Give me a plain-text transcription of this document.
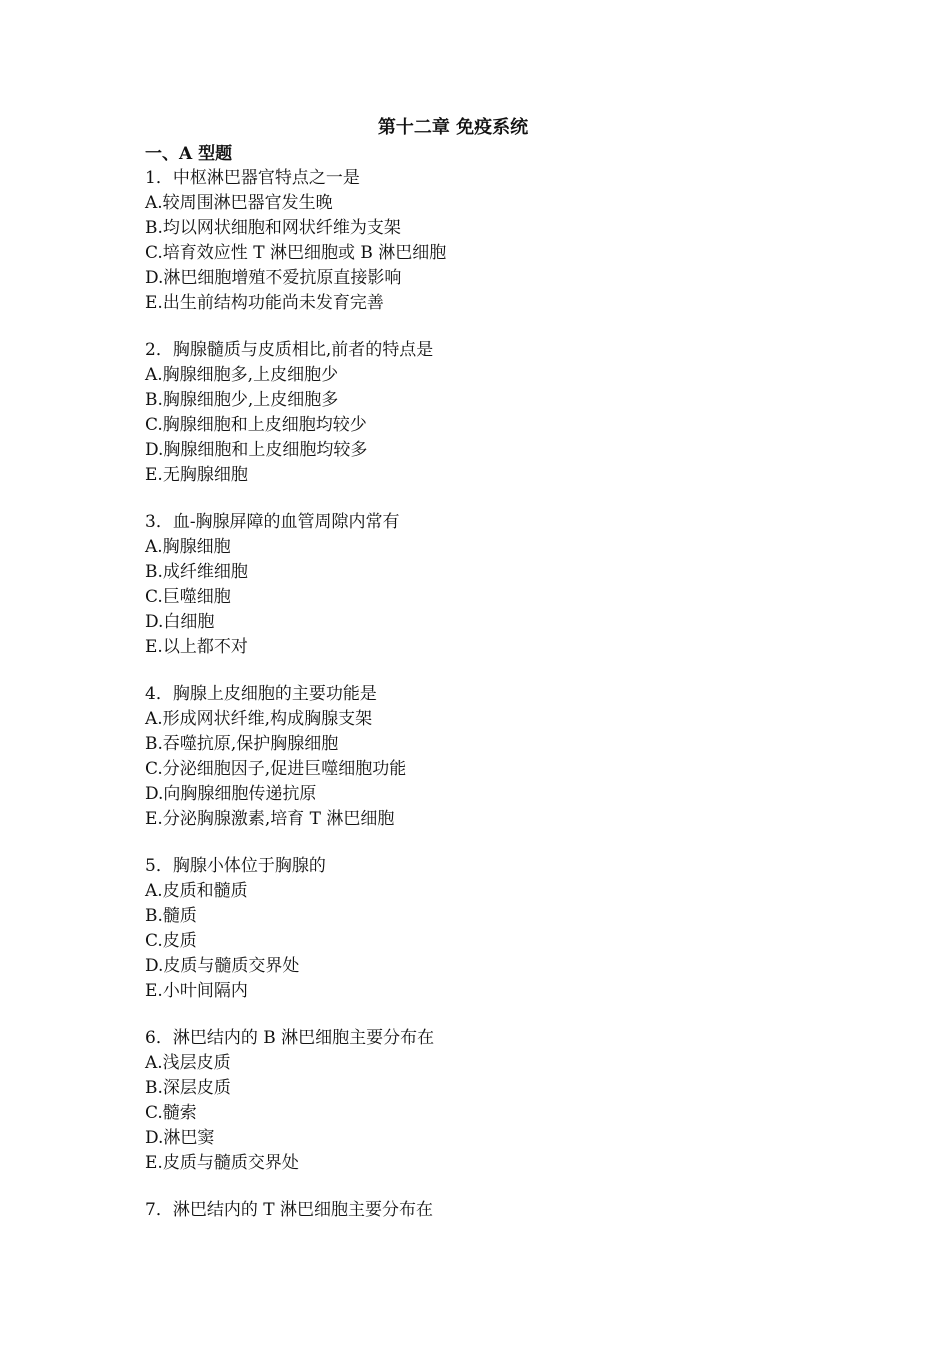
第十二章 免疫系统
一、A 型题
1．中枢淋巴器官特点之一是
A.较周围淋巴器官发生晚
B.均以网状细胞和网状纤维为支架
C.培育效应性 T 淋巴细胞或 B 淋巴细胞
D.淋巴细胞增殖不爱抗原直接影响
E.出生前结构功能尚未发育完善
2．胸腺髓质与皮质相比,前者的特点是
A.胸腺细胞多,上皮细胞少
B.胸腺细胞少,上皮细胞多
C.胸腺细胞和上皮细胞均较少
D.胸腺细胞和上皮细胞均较多
E.无胸腺细胞
3．血-胸腺屏障的血管周隙内常有
A.胸腺细胞
B.成纤维细胞
C.巨噬细胞
D.白细胞
E.以上都不对
4．胸腺上皮细胞的主要功能是
A.形成网状纤维,构成胸腺支架
B.吞噬抗原,保护胸腺细胞
C.分泌细胞因子,促进巨噬细胞功能
D.向胸腺细胞传递抗原
E.分泌胸腺激素,培育 T 淋巴细胞
5．胸腺小体位于胸腺的
A.皮质和髓质
B.髓质
C.皮质
D.皮质与髓质交界处
E.小叶间隔内
6．淋巴结内的 B 淋巴细胞主要分布在
A.浅层皮质
B.深层皮质
C.髓索
D.淋巴窦
E.皮质与髓质交界处
7．淋巴结内的 T 淋巴细胞主要分布在
